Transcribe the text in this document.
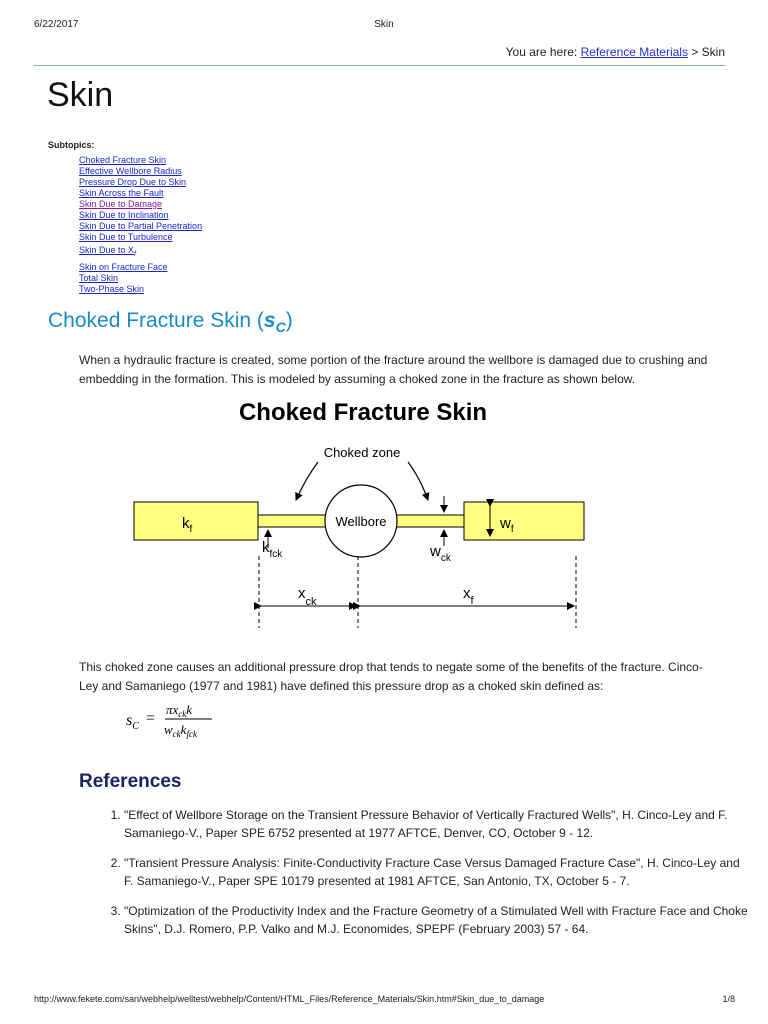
6/22/2017	Skin
You are here: Reference Materials > Skin
Skin
Subtopics:
Choked Fracture Skin
Effective Wellbore Radius
Pressure Drop Due to Skin
Skin Across the Fault
Skin Due to Damage
Skin Due to Inclination
Skin Due to Partial Penetration
Skin Due to Turbulence
Skin Due to $X_f$
Skin on Fracture Face
Total Skin
Two-Phase Skin
Choked Fracture Skin $(s_C)$

When a hydraulic fracture is created, some portion of the fracture around the wellbore is damaged due to crushing and embedding in the formation. This is modeled by assuming a choked zone in the fracture as shown below.

Choked Fracture Skin
Choked zone
Wellbore
$k_f$	$w_f$
$k_{fck}$	$w_{ck}$
$x_{ck}$	$x_f$

This choked zone causes an additional pressure drop that tends to negate some of the benefits of the fracture. Cinco-Ley and Samaniego (1977 and 1981) have defined this pressure drop as a choked skin defined as:

$s_C$ =
$\pi x_{ck}k$
$w_{ck}k_{fck}$
References
1. "Effect of Wellbore Storage on the Transient Pressure Behavior of Vertically Fractured Wells", H. Cinco-Ley and F. Samaniego-V., Paper SPE 6752 presented at 1977 AFTCE, Denver, CO, October 9 - 12.
2. "Transient Pressure Analysis: Finite-Conductivity Fracture Case Versus Damaged Fracture Case", H. Cinco-Ley and F. Samaniego-V., Paper SPE 10179 presented at 1981 AFTCE, San Antonio, TX, October 5 - 7.
3. "Optimization of the Productivity Index and the Fracture Geometry of a Stimulated Well with Fracture Face and Choke Skins", D.J. Romero, P.P. Valko and M.J. Economides, SPEPF (February 2003) 57 - 64.
http://www.fekete.com/san/webhelp/welltest/webhelp/Content/HTML_Files/Reference_Materials/Skin.htm#Skin_due_to_damage	1/8
